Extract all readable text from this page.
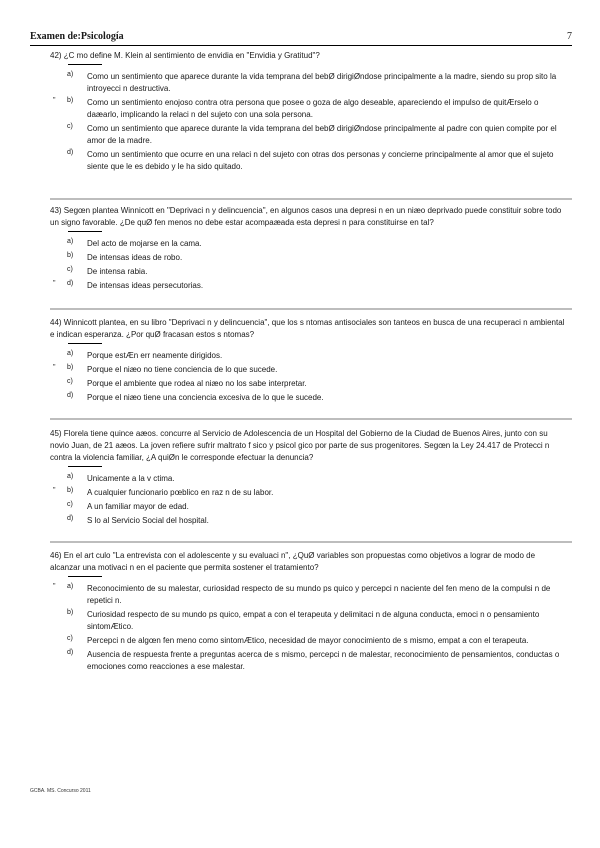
Examen de:Psicología	7

42) ¿C mo define M. Klein al sentimiento de envidia en "Envidia y Gratitud"?

a) Como un sentimiento que aparece durante la vida temprana del bebØ dirigiØndose principalmente a la madre, siendo su prop sito la introyecci n destructiva.
" b) Como un sentimiento enojoso contra otra persona que posee o goza de algo deseable, apareciendo el impulso de quitÆrselo o daæarlo, implicando la relaci n del sujeto con una sola persona.
c) Como un sentimiento que aparece durante la vida temprana del bebØ dirigiØndose principalmente al padre con quien compite por el amor de la madre.
d) Como un sentimiento que ocurre en una relaci n del sujeto con otras dos personas y concierne principalmente al amor que el sujeto siente que le es debido y le ha sido quitado.

43) Segœn plantea Winnicott en "Deprivaci n y delincuencia", en algunos casos una depresi n en un niæo deprivado puede constituir sobre todo un signo favorable. ¿De quØ fen menos no debe estar acompaæada esta depresi n para constituirse en tal?

a) Del acto de mojarse en la cama.
b) De intensas ideas de robo.
c) De intensa rabia.
" d) De intensas ideas persecutorias.

44) Winnicott plantea, en su libro "Deprivaci n y delincuencia", que los s ntomas antisociales son tanteos en busca de una recuperaci n ambiental e indican esperanza. ¿Por quØ fracasan estos s ntomas?

a) Porque estÆn err neamente dirigidos.
" b) Porque el niæo no tiene conciencia de lo que sucede.
c) Porque el ambiente que rodea al niæo no los sabe interpretar.
d) Porque el niæo tiene una conciencia excesiva de lo que le sucede.

45) Florela tiene quince aæos. concurre al Servicio de Adolescencia de un Hospital del Gobierno de la Ciudad de Buenos Aires, junto con su novio Juan, de 21 aæos. La joven refiere sufrir maltrato f sico y psicol gico por parte de sus progenitores. Segœn la Ley 24.417 de Protecci n contra la violencia familiar, ¿A quiØn le corresponde efectuar la denuncia?

a) Unicamente a la v ctima.
" b) A cualquier funcionario pœblico en raz n de su labor.
c) A un familiar mayor de edad.
d) S lo al Servicio Social del hospital.

46) En el art culo "La entrevista con el adolescente y su evaluaci n", ¿QuØ variables son propuestas como objetivos a lograr de modo de alcanzar una motivaci n en el paciente que permita sostener el tratamiento?

" a) Reconocimiento de su malestar, curiosidad respecto de su mundo ps quico y percepci n naciente del fen meno de la compulsi n de repetici n.
b) Curiosidad respecto de su mundo ps quico, empat a con el terapeuta y delimitaci n de alguna conducta, emoci n o pensamiento sintomÆtico.
c) Percepci n de algœn fen meno como sintomÆtico, necesidad de mayor conocimiento de s mismo, empat a con el terapeuta.
d) Ausencia de respuesta frente a preguntas acerca de s mismo, percepci n de malestar, reconocimiento de pensamientos, conductas o emociones como reacciones a ese malestar.
GCBA. MS. Concurso 2011
